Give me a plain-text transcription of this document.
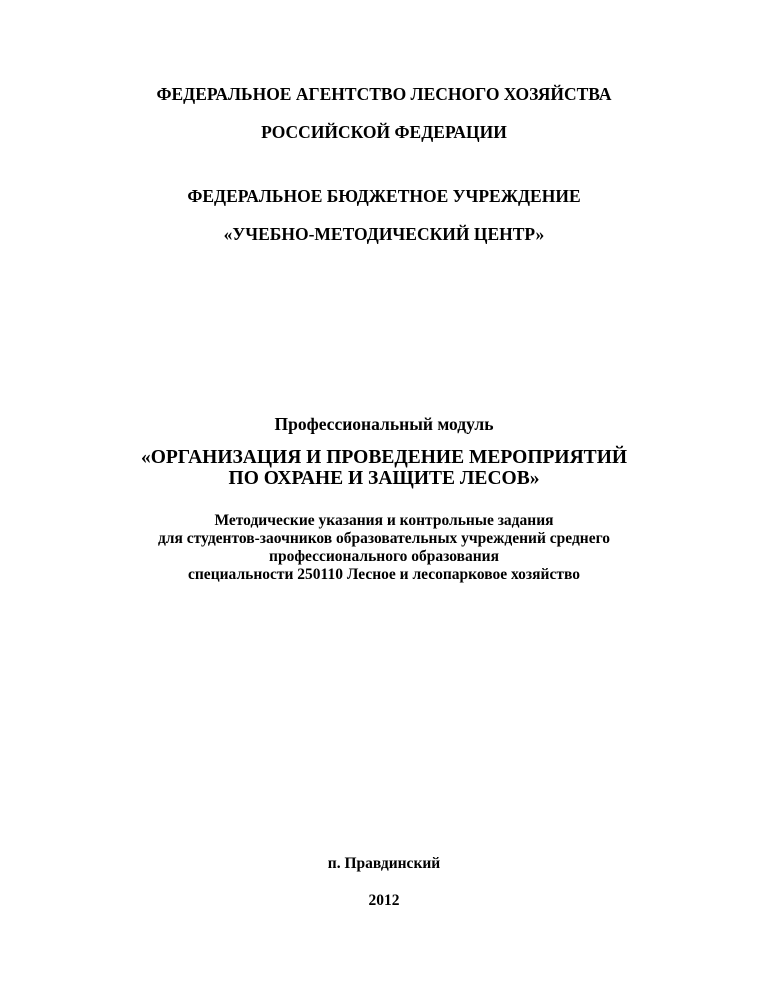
ФЕДЕРАЛЬНОЕ АГЕНТСТВО ЛЕСНОГО ХОЗЯЙСТВА
РОССИЙСКОЙ ФЕДЕРАЦИИ
ФЕДЕРАЛЬНОЕ БЮДЖЕТНОЕ УЧРЕЖДЕНИЕ
«УЧЕБНО-МЕТОДИЧЕСКИЙ ЦЕНТР»
Профессиональный модуль
«ОРГАНИЗАЦИЯ И ПРОВЕДЕНИЕ МЕРОПРИЯТИЙ
ПО ОХРАНЕ И ЗАЩИТЕ ЛЕСОВ»
Методические указания и контрольные задания
для студентов-заочников образовательных учреждений среднего
профессионального образования
специальности 250110 Лесное и лесопарковое хозяйство
п. Правдинский
2012
